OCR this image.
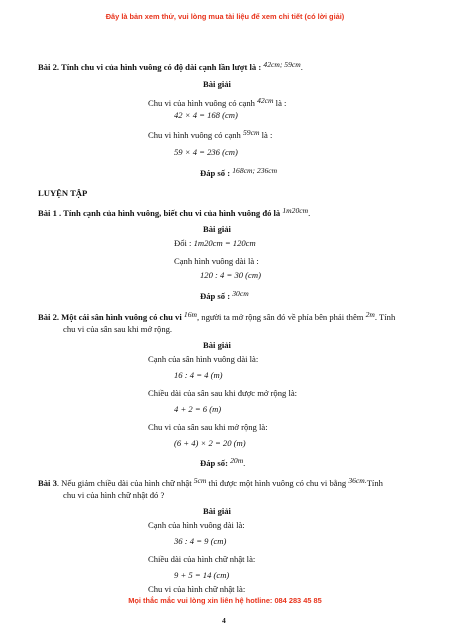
Đây là bản xem thử, vui lòng mua tài liệu để xem chi tiết (có lời giải)
Bài 2. Tính chu vi của hình vuông có độ dài cạnh lần lượt là : 42cm; 59cm.
Bài giải
Chu vi của hình vuông có cạnh 42cm là :
42 × 4 = 168 (cm)
Chu vi hình vuông có cạnh 59cm là :
59 × 4 = 236 (cm)
Đáp số : 168cm; 236cm
LUYỆN TẬP
Bài 1 . Tính cạnh của hình vuông, biết chu vi của hình vuông đó là 1m20cm.
Bài giải
Đổi : 1m20cm = 120cm
Cạnh hình vuông dài là :
120 : 4 = 30 (cm)
Đáp số : 30cm
Bài 2. Một cái sân hình vuông có chu vi 16m, người ta mở rộng sân đó về phía bên phải thêm 2m. Tính
chu vi của sân sau khi mở rộng.
Bài giải
Cạnh của sân hình vuông dài là:
16 : 4 = 4 (m)
Chiều dài của sân sau khi được mở rộng là:
4 + 2 = 6 (m)
Chu vi của sân sau khi mở rộng là:
(6 + 4) × 2 = 20 (m)
Đáp số: 20m.
Bài 3. Nếu giảm chiều dài của hình chữ nhật 5cm thì được một hình vuông có chu vi bằng 36cm.Tính
chu vi của hình chữ nhật đó ?
Bài giải
Cạnh của hình vuông dài là:
36 : 4 = 9 (cm)
Chiều dài của hình chữ nhật là:
9 + 5 = 14 (cm)
Chu vi của hình chữ nhật là:
Mọi thắc mắc vui lòng xin liên hệ hotline: 084 283 45 85
4
